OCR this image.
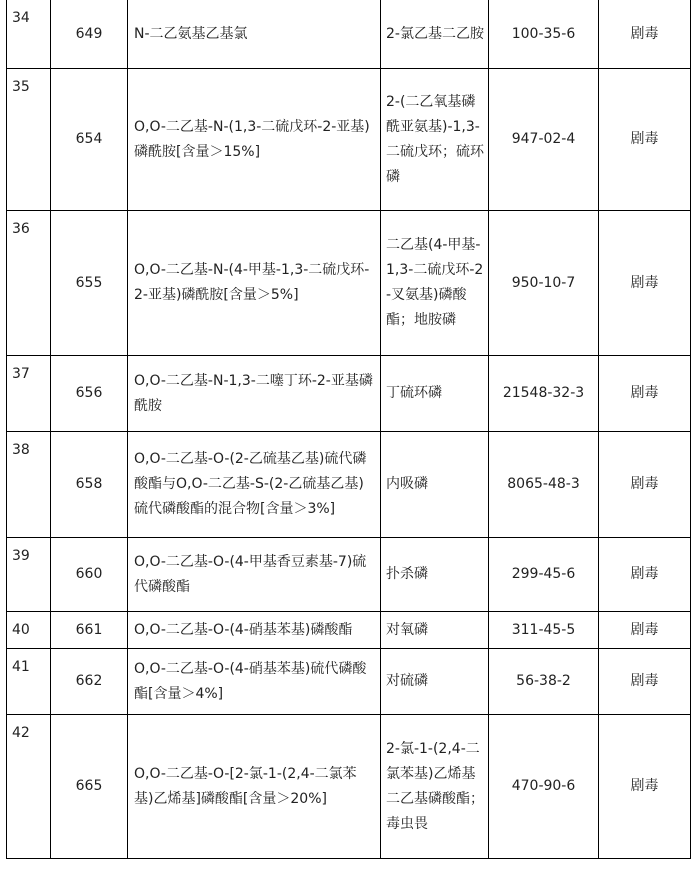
34	649	N-二乙氨基乙基氯	2-氯乙基二乙胺	100-35-6	剧毒
35	654	O,O-二乙基-N-(1,3-二硫戊环-2-亚基)磷酰胺[含量＞15%]	2-(二乙氧基磷酰亚氨基)-1,3-二硫戊环；硫环磷	947-02-4	剧毒
36	655	O,O-二乙基-N-(4-甲基-1,3-二硫戊环-2-亚基)磷酰胺[含量＞5%]	二乙基(4-甲基-1,3-二硫戊环-2-叉氨基)磷酸酯；地胺磷	950-10-7	剧毒
37	656	O,O-二乙基-N-1,3-二噻丁环-2-亚基磷酰胺	丁硫环磷	21548-32-3	剧毒
38	658	O,O-二乙基-O-(2-乙硫基乙基)硫代磷酸酯与O,O-二乙基-S-(2-乙硫基乙基)硫代磷酸酯的混合物[含量＞3%]	内吸磷	8065-48-3	剧毒
39	660	O,O-二乙基-O-(4-甲基香豆素基-7)硫代磷酸酯	扑杀磷	299-45-6	剧毒
40	661	O,O-二乙基-O-(4-硝基苯基)磷酸酯	对氧磷	311-45-5	剧毒
41	662	O,O-二乙基-O-(4-硝基苯基)硫代磷酸酯[含量＞4%]	对硫磷	56-38-2	剧毒
42	665	O,O-二乙基-O-[2-氯-1-(2,4-二氯苯基)乙烯基]磷酸酯[含量＞20%]	2-氯-1-(2,4-二氯苯基)乙烯基二乙基磷酸酯；毒虫畏	470-90-6	剧毒
